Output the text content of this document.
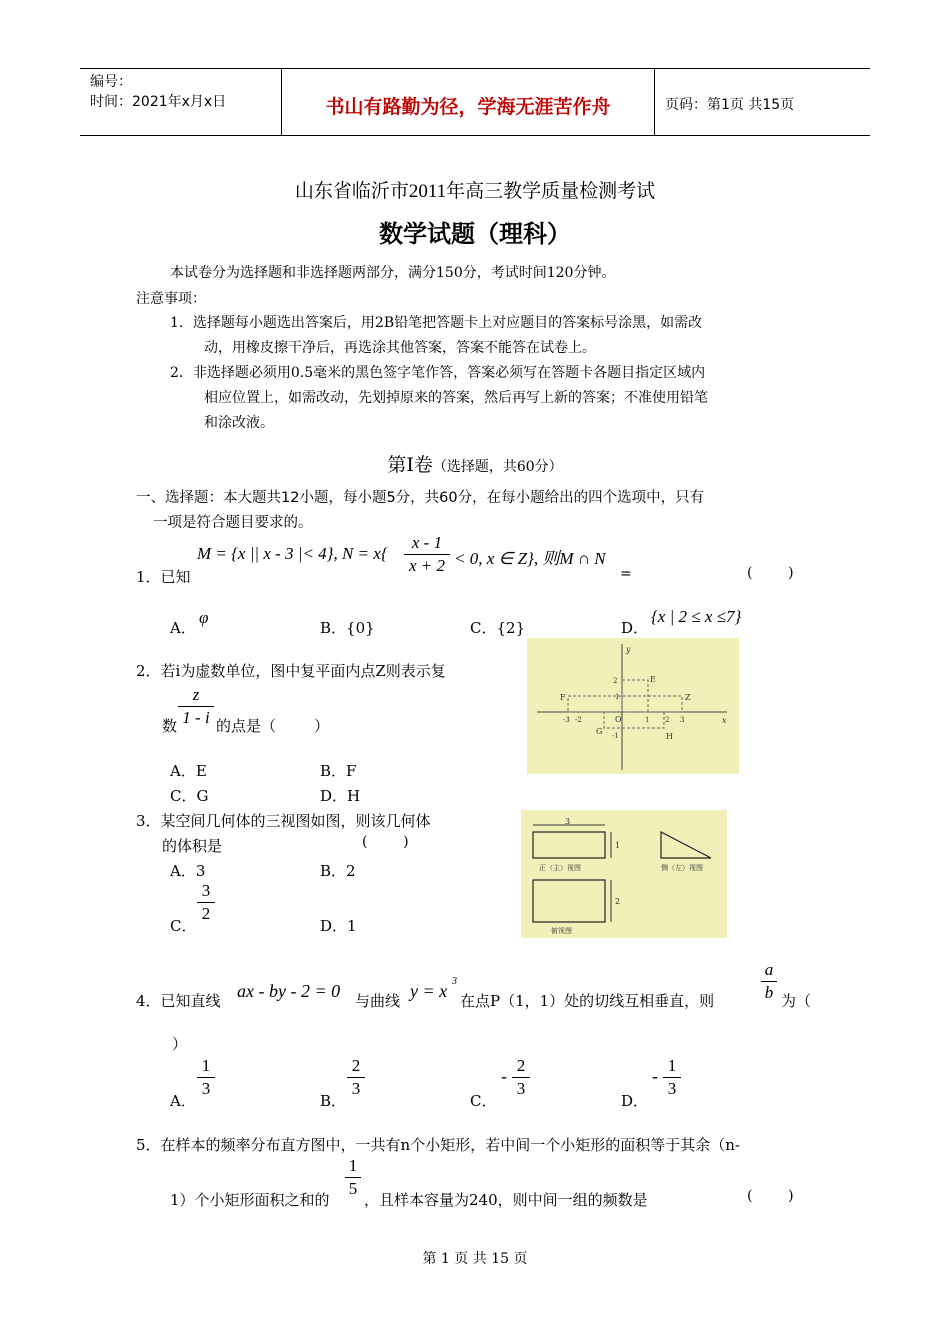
编号：
时间：2021年x月x日	书山有路勤为径，学海无涯苦作舟	页码：第1页 共15页
山东省临沂市2011年高三教学质量检测考试
数学试题（理科）
本试卷分为选择题和非选择题两部分，满分150分，考试时间120分钟。
注意事项：
1．选择题每小题选出答案后，用2B铅笔把答题卡上对应题目的答案标号涂黑，如需改
动，用橡皮擦干净后，再选涂其他答案，答案不能答在试卷上。
2．非选择题必须用0.5毫米的黑色签字笔作答，答案必须写在答题卡各题目指定区域内
相应位置上，如需改动，先划掉原来的答案，然后再写上新的答案；不准使用铅笔
和涂改液。
第Ⅰ卷（选择题，共60分）
一、选择题：本大题共12小题，每小题5分，共60分，在每小题给出的四个选项中，只有
一项是符合题目要求的。
1．已知
M = {x || x - 3 |< 4}, N = x{
x - 1
x + 2 < 0, x ∈ Z}, 则M ∩ N
=	(        )
A．
φ
B．{0}	C．{2}	D．
{x | 2 ≤ x ≤7}
2．若i为虚数单位，图中复平面内点Z则表示复
数
z
1 - i 的点是（        ）
A．E	B．F
C．G	D．H
y
x
O
E
F	Z
G
H
2
1
-1
-3 -2	1 2 3
3．某空间几何体的三视图如图，则该几何体
的体积是	(        )
A．3	B．2
C．
3
2
D．1
3
1
正（主）视图	侧（左）视图
2
俯视图
4．已知直线 ax - by - 2 = 0 与曲线 y = x 3
在点P（1，1）处的切线互相垂直，则
a
b 为（
）
A．
1
3
B．
2
3
C．
-
2
3
D．
-
1
3
5．在样本的频率分布直方图中，一共有n个小矩形，若中间一个小矩形的面积等于其余（n-
1）个小矩形面积之和的
1
5
，且样本容量为240，则中间一组的频数是	(        )
第 1 页 共 15 页
